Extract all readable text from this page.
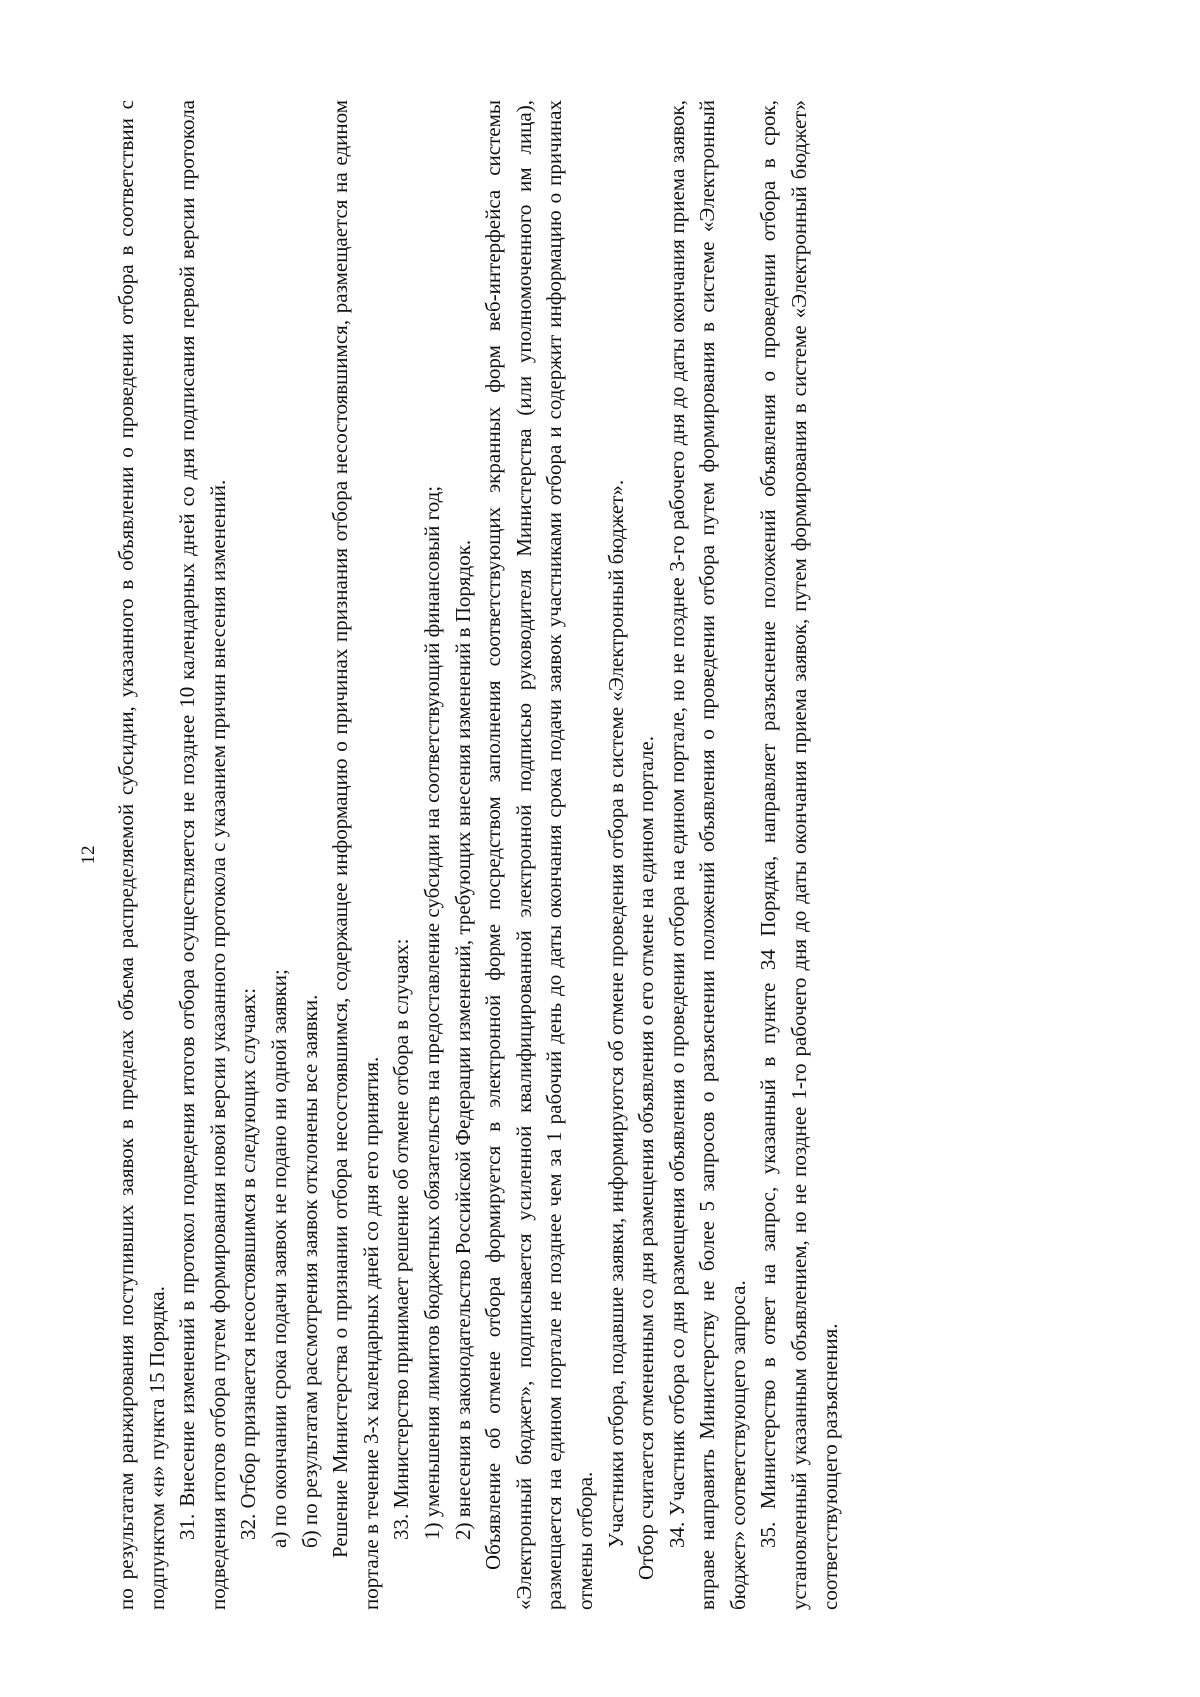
12 по результатам ранжирования поступивших заявок в пределах объема распределяемой субсидии, указанного в объявлении о проведении отбора в соответствии с подпунктом «н» пункта 15 Порядка. 31. Внесение изменений в протокол подведения итогов отбора осуществляется не позднее 10 календарных дней со дня подписания первой версии протокола подведения итогов отбора путем формирования новой версии указанного протокола с указанием причин внесения изменений. 32. Отбор признается несостоявшимся в следующих случаях: а) по окончании срока подачи заявок не подано ни одной заявки; б) по результатам рассмотрения заявок отклонены все заявки. Решение Министерства о признании отбора несостоявшимся, содержащее информацию о причинах признания отбора несостоявшимся, размещается на едином портале в течение 3-х календарных дней со дня его принятия. 33. Министерство принимает решение об отмене отбора в случаях: 1) уменьшения лимитов бюджетных обязательств на предоставление субсидии на соответствующий финансовый год; 2) внесения в законодательство Российской Федерации изменений, требующих внесения изменений в Порядок. Объявление об отмене отбора формируется в электронной форме посредством заполнения соответствующих экранных форм веб-интерфейса системы «Электронный бюджет», подписывается усиленной квалифицированной электронной подписью руководителя Министерства (или уполномоченного им лица), размещается на едином портале не позднее чем за 1 рабочий день до даты окончания срока подачи заявок участниками отбора и содержит информацию о причинах отмены отбора. Участники отбора, подавшие заявки, информируются об отмене проведения отбора в системе «Электронный бюджет». Отбор считается отмененным со дня размещения объявления о его отмене на едином портале. 34. Участник отбора со дня размещения объявления о проведении отбора на едином портале, но не позднее 3-го рабочего дня до даты окончания приема заявок, вправе направить Министерству не более 5 запросов о разъяснении положений объявления о проведении отбора путем формирования в системе «Электронный бюджет» соответствующего запроса. 35. Министерство в ответ на запрос, указанный в пункте 34 Порядка, направляет разъяснение положений объявления о проведении отбора в срок, установленный указанным объявлением, но не позднее 1-го рабочего дня до даты окончания приема заявок, путем формирования в системе «Электронный бюджет» соответствующего разъяснения.
